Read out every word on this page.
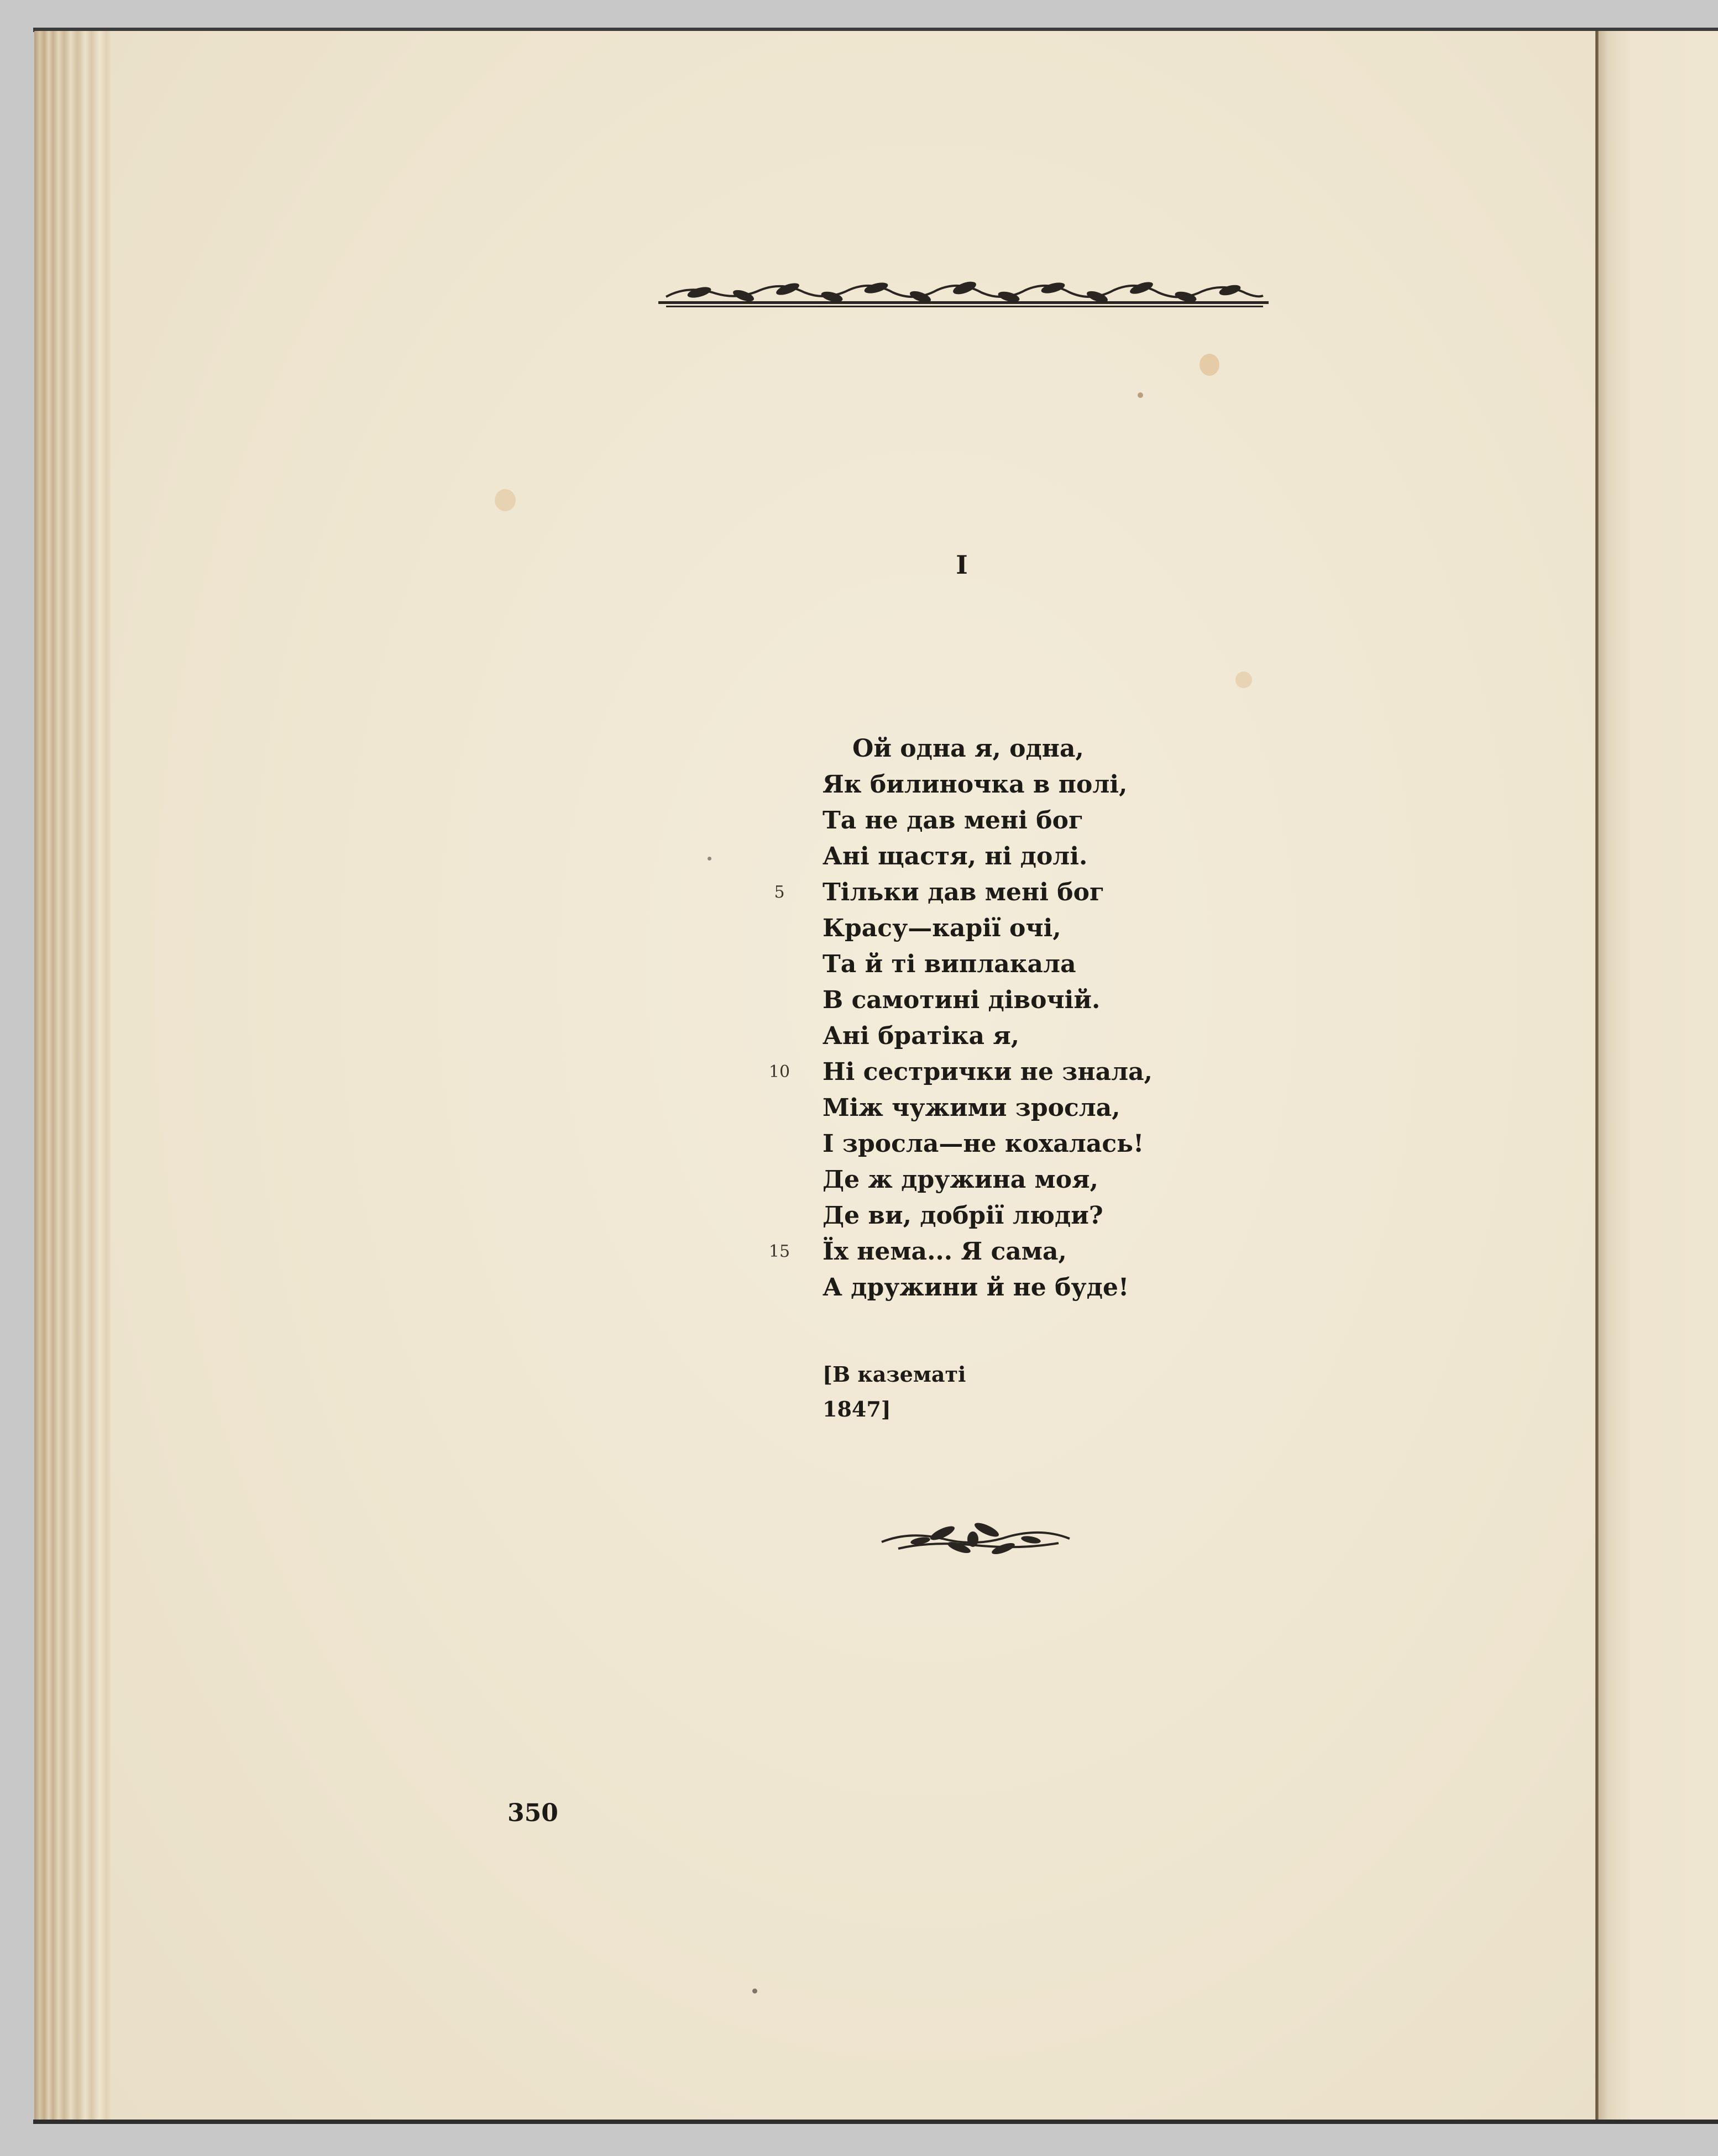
I
Ой одна я, одна,
Як билиночка в полі,
Та не дав мені бог
Ані щастя, ні долі.
5	Тільки дав мені бог
Красу—карії очі,
Та й ті виплакала
В самотині дівочій.
Ані братіка я,
10 Ні сестрички не знала,
Між чужими зросла,
І зросла—не кохалась!
Де ж дружина моя,
Де ви, добрії люди?
15 Їх нема... Я сама,
А дружини й не буде!
[В казематі
1847]
350
